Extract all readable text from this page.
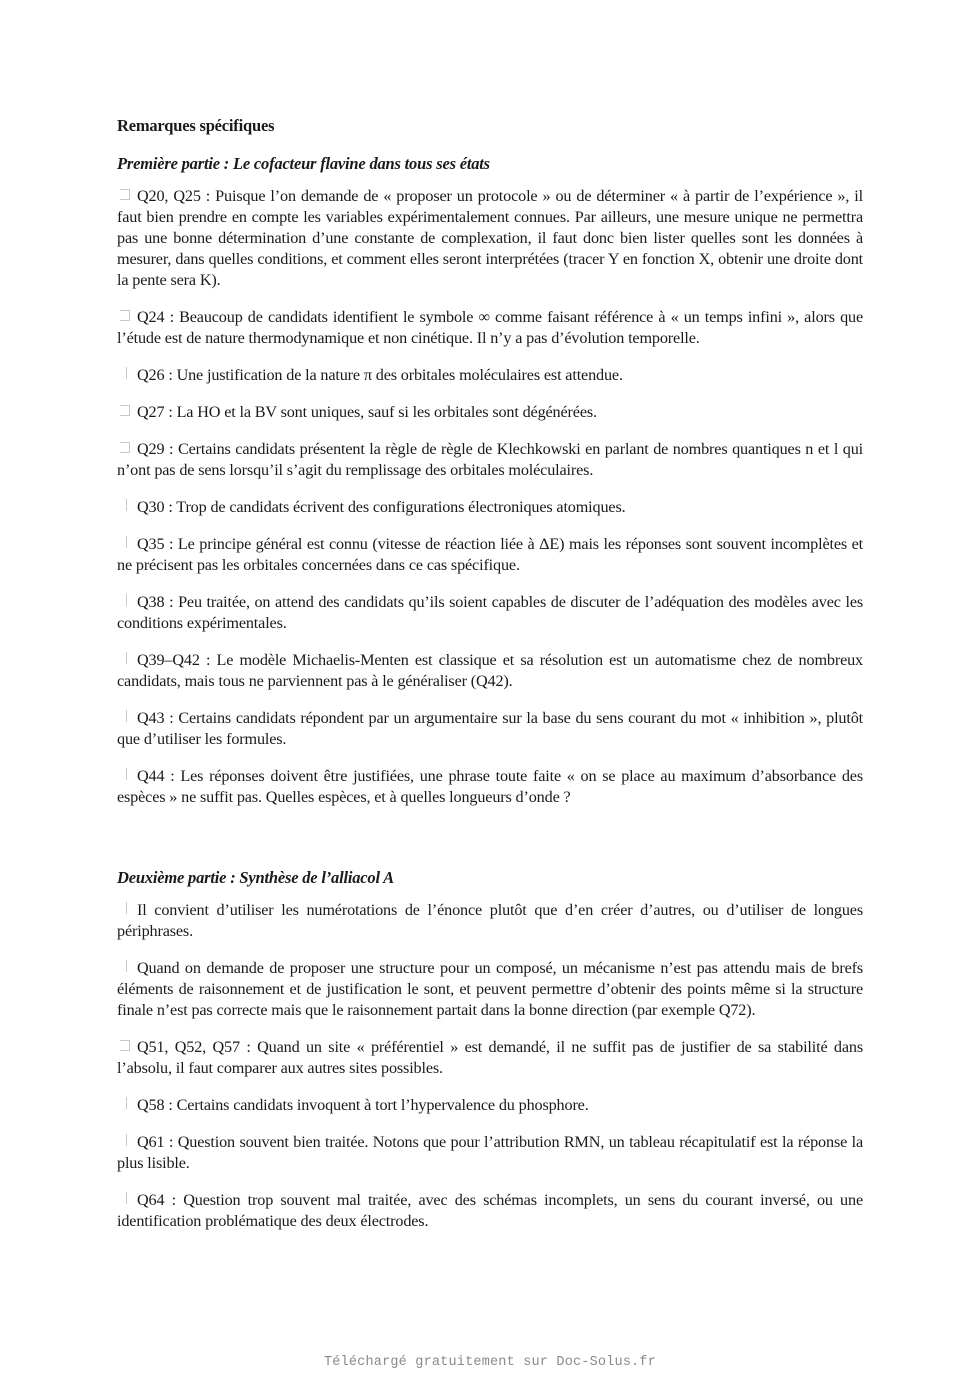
Remarques spécifiques
Première partie : Le cofacteur flavine dans tous ses états

Q20, Q25 : Puisque l’on demande de « proposer un protocole » ou de déterminer « à partir de l’expérience », il faut bien prendre en compte les variables expérimentalement connues. Par ailleurs, une mesure unique ne permettra pas une bonne détermination d’une constante de complexation, il faut donc bien lister quelles sont les données à mesurer, dans quelles conditions, et comment elles seront interprétées (tracer Y en fonction X, obtenir une droite dont la pente sera K).

Q24 : Beaucoup de candidats identifient le symbole ∞ comme faisant référence à « un temps infini », alors que l’étude est de nature thermodynamique et non cinétique. Il n’y a pas d’évolution temporelle.

Q26 : Une justification de la nature π des orbitales moléculaires est attendue.

Q27 : La HO et la BV sont uniques, sauf si les orbitales sont dégénérées.

Q29 : Certains candidats présentent la règle de règle de Klechkowski en parlant de nombres quantiques n et l qui n’ont pas de sens lorsqu’il s’agit du remplissage des orbitales moléculaires.

Q30 : Trop de candidats écrivent des configurations électroniques atomiques.

Q35 : Le principe général est connu (vitesse de réaction liée à ΔE) mais les réponses sont souvent incomplètes et ne précisent pas les orbitales concernées dans ce cas spécifique.

Q38 : Peu traitée, on attend des candidats qu’ils soient capables de discuter de l’adéquation des modèles avec les conditions expérimentales.

Q39–Q42 : Le modèle Michaelis-Menten est classique et sa résolution est un automatisme chez de nombreux candidats, mais tous ne parviennent pas à le généraliser (Q42).

Q43 : Certains candidats répondent par un argumentaire sur la base du sens courant du mot « inhibition », plutôt que d’utiliser les formules.

Q44 : Les réponses doivent être justifiées, une phrase toute faite « on se place au maximum d’absorbance des espèces » ne suffit pas. Quelles espèces, et à quelles longueurs d’onde ?

Deuxième partie : Synthèse de l’alliacol A

Il convient d’utiliser les numérotations de l’énonce plutôt que d’en créer d’autres, ou d’utiliser de longues périphrases.

Quand on demande de proposer une structure pour un composé, un mécanisme n’est pas attendu mais de brefs éléments de raisonnement et de justification le sont, et peuvent permettre d’obtenir des points même si la structure finale n’est pas correcte mais que le raisonnement partait dans la bonne direction (par exemple Q72).

Q51, Q52, Q57 : Quand un site « préférentiel » est demandé, il ne suffit pas de justifier de sa stabilité dans l’absolu, il faut comparer aux autres sites possibles.

Q58 : Certains candidats invoquent à tort l’hypervalence du phosphore.

Q61 : Question souvent bien traitée. Notons que pour l’attribution RMN, un tableau récapitulatif est la réponse la plus lisible.

Q64 : Question trop souvent mal traitée, avec des schémas incomplets, un sens du courant inversé, ou une identification problématique des deux électrodes.

Téléchargé gratuitement sur Doc-Solus.fr
